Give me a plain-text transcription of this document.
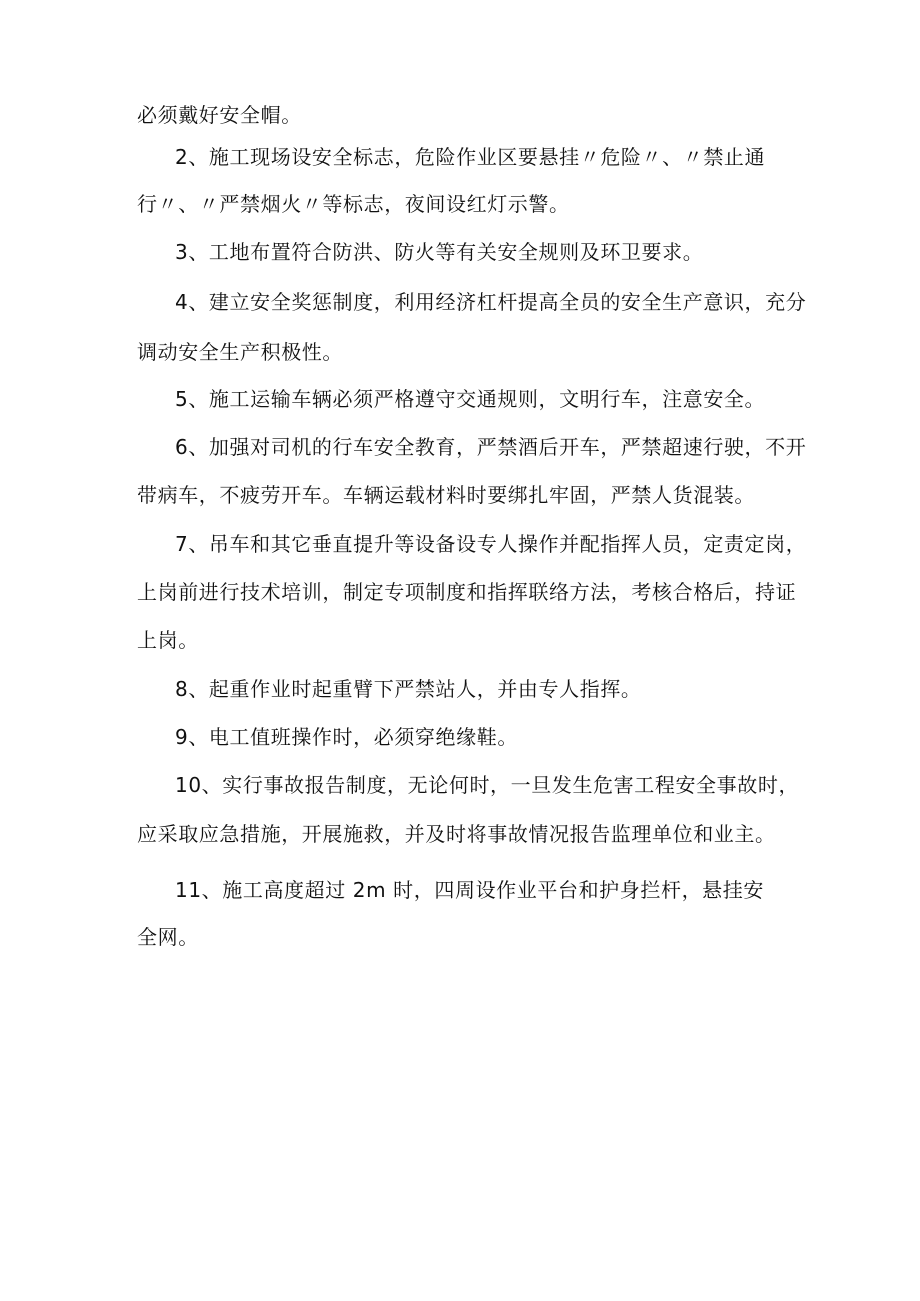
必须戴好安全帽。
2、施工现场设安全标志，危险作业区要悬挂〃危险〃、〃禁止通
行〃、〃严禁烟火〃等标志，夜间设红灯示警。
3、工地布置符合防洪、防火等有关安全规则及环卫要求。
4、建立安全奖惩制度，利用经济杠杆提高全员的安全生产意识，充分
调动安全生产积极性。
5、施工运输车辆必须严格遵守交通规则，文明行车，注意安全。
6、加强对司机的行车安全教育，严禁酒后开车，严禁超速行驶，不开
带病车，不疲劳开车。车辆运载材料时要绑扎牢固，严禁人货混装。
7、吊车和其它垂直提升等设备设专人操作并配指挥人员，定责定岗，
上岗前进行技术培训，制定专项制度和指挥联络方法，考核合格后，持证
上岗。
8、起重作业时起重臂下严禁站人，并由专人指挥。
9、电工值班操作时，必须穿绝缘鞋。
10、实行事故报告制度，无论何时，一旦发生危害工程安全事故时，
应采取应急措施，开展施救，并及时将事故情况报告监理单位和业主。
11、施工高度超过 2m 时，四周设作业平台和护身拦杆，悬挂安
全网。
